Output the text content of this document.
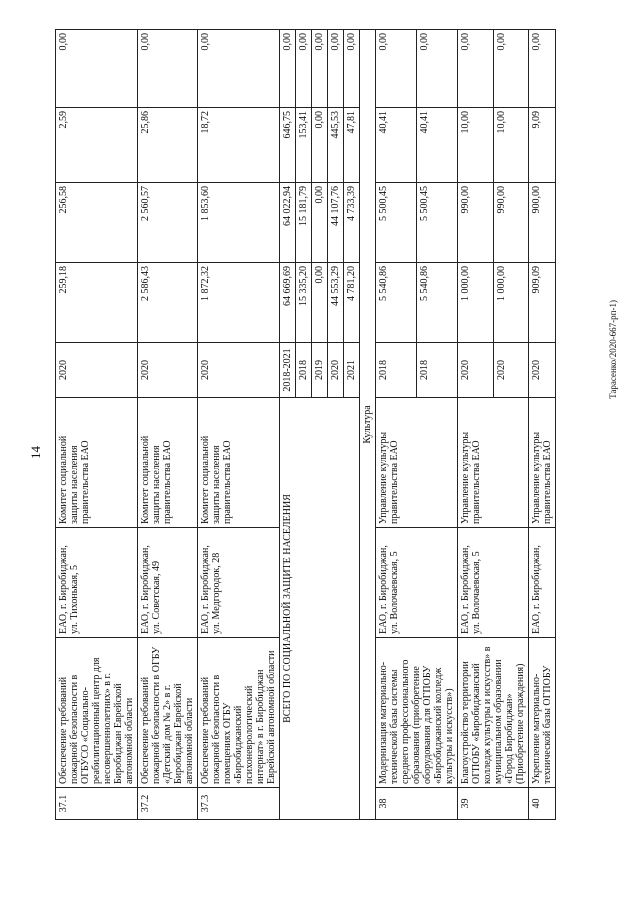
14
37.1	Обеспечение требований пожарной безопасности в ОГБУСО «Социально-реабилитационный центр для несовершеннолетних» в г. Биробиджан Еврейской автономной области	ЕАО, г. Биробиджан, ул. Тихонькая, 5	Комитет социальной защиты населения правительства ЕАО	2020	259,18	256,58	2,59	0,00
37.2	Обеспечение требований пожарной безопасности в ОГБУ «Детский дом № 2» в г. Биробиджан Еврейской автономной области	ЕАО, г. Биробиджан, ул. Советская, 49	Комитет социальной защиты населения правительства ЕАО	2020	2 586,43	2 560,57	25,86	0,00
37.3	Обеспечение требований пожарной безопасности в помещениях ОГБУ «Биробиджанский психоневрологический интернат» в г. Биробиджан Еврейской автономной области	ЕАО, г. Биробиджан, ул. Медгородок, 28	Комитет социальной защиты населения правительства ЕАО	2020	1 872,32	1 853,60	18,72	0,00
ВСЕГО ПО СОЦИАЛЬНОЙ ЗАЩИТЕ НАСЕЛЕНИЯ				2018-2021	64 669,69	64 022,94	646,75	0,00
				2018	15 335,20	15 181,79	153,41	0,00
				2019	0,00	0,00	0,00	0,00
				2020	44 553,29	44 107,76	445,53	0,00
				2021	4 781,20	4 733,39	47,81	0,00
Культура								
38	Модернизация материально-технической базы системы среднего профессионального образования (приобретение оборудования для ОГПОБУ «Биробиджанский колледж культуры и искусств»)	ЕАО, г. Биробиджан, ул. Волочаевская, 5	Управление культуры правительства ЕАО	2018	5 540,86	5 500,45	40,41	0,00
				2018	5 540,86	5 500,45	40,41	0,00
39	Благоустройство территории ОГПОБУ «Биробиджанский колледж культуры и искусств» в муниципальном образовании «Город Биробиджан» (Приобретение ограждения)	ЕАО, г. Биробиджан, ул. Волочаевская, 5	Управление культуры правительства ЕАО	2020	1 000,00	990,00	10,00	0,00
				2020	1 000,00	990,00	10,00	0,00
40	Укрепление материально-технической базы ОГПОБУ	ЕАО, г. Биробиджан,	Управление культуры правительства ЕАО	2020	909,09	900,00	9,09	0,00
Тарасенко/2020-667-рп-1)
